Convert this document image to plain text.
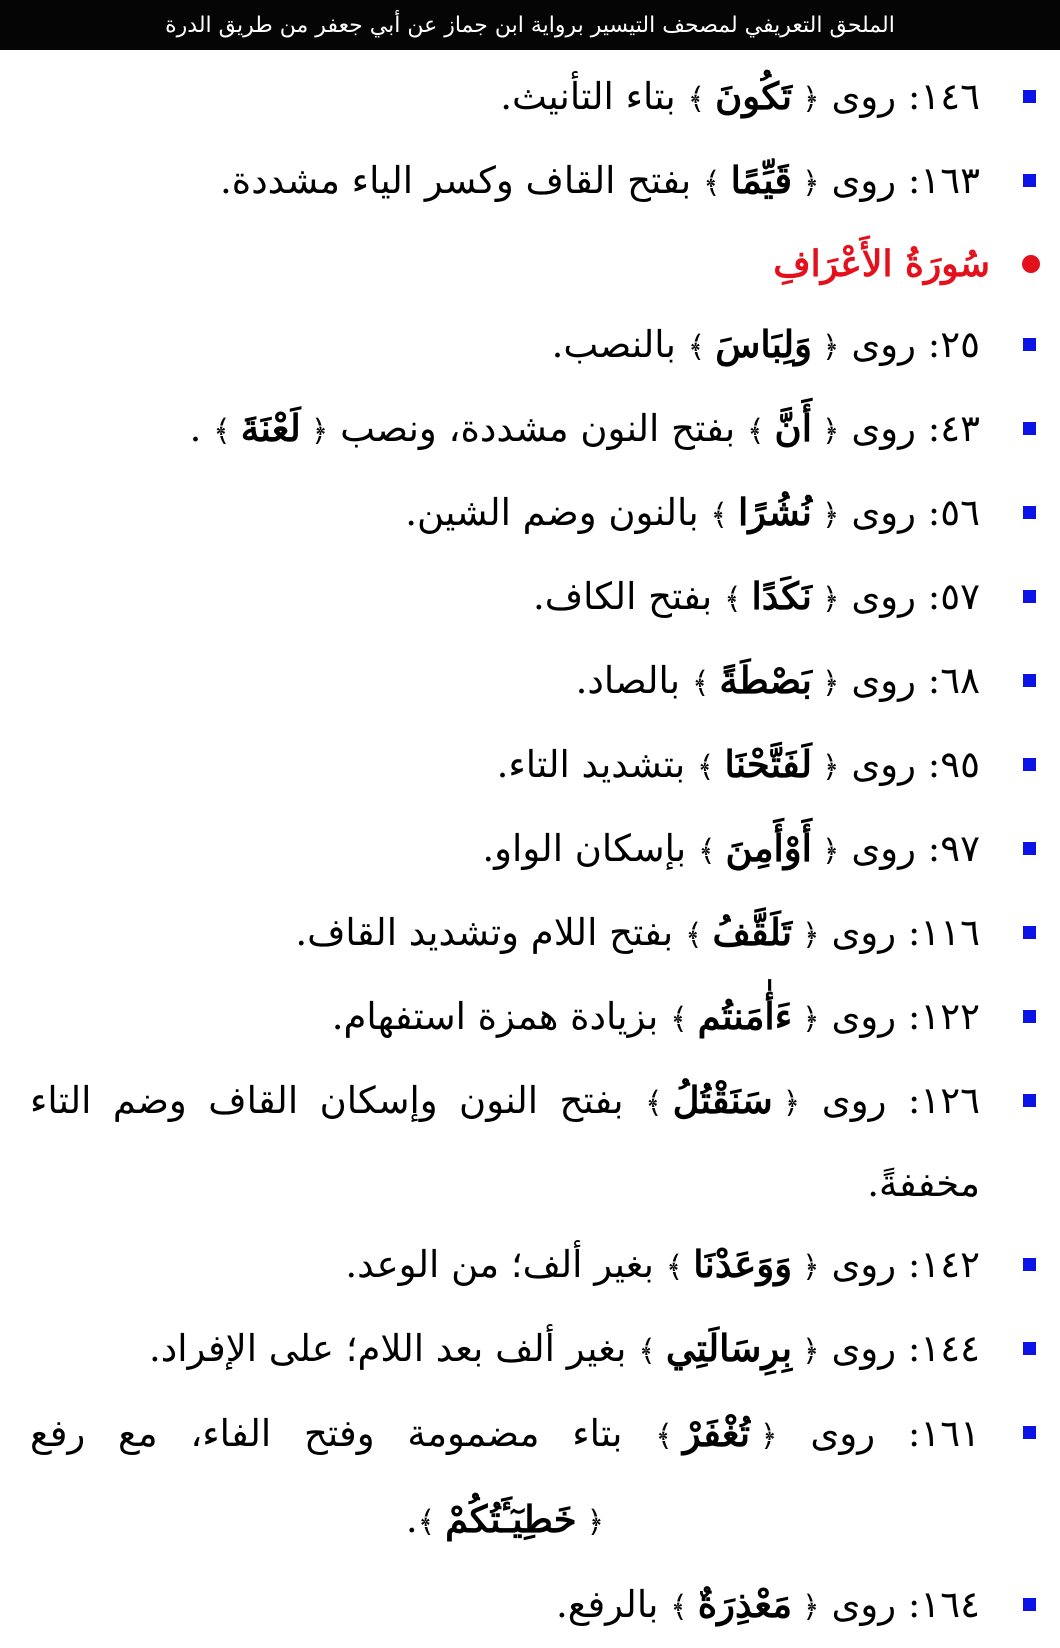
الملحق التعريفي لمصحف التيسير برواية ابن جماز عن أبي جعفر من طريق الدرة
١٤٦: روى ﴿تَكُونَ﴾ بتاء التأنيث.
١٦٣: روى ﴿قَيِّمًا﴾ بفتح القاف وكسر الياء مشددة.
سُورَةُ الأَعْرَافِ
٢٥: روى ﴿وَلِبَاسَ﴾ بالنصب.
٤٣: روى ﴿أَنَّ﴾ بفتح النون مشددة، ونصب ﴿لَعْنَةَ﴾ .
٥٦: روى ﴿نُشُرًا﴾ بالنون وضم الشين.
٥٧: روى ﴿نَكَدًا﴾ بفتح الكاف.
٦٨: روى ﴿بَصْطَةً﴾ بالصاد.
٩٥: روى ﴿لَفَتَّحْنَا﴾ بتشديد التاء.
٩٧: روى ﴿أَوْأَمِنَ﴾ بإسكان الواو.
١١٦: روى ﴿تَلَقَّفُ﴾ بفتح اللام وتشديد القاف.
١٢٢: روى ﴿ءَأٰمَنتُم﴾ بزيادة همزة استفهام.
١٢٦: روى ﴿سَنَقْتُلُ﴾ بفتح النون وإسكان القاف وضم التاء مخففةً.
١٤٢: روى ﴿وَوَعَدْنَا﴾ بغير ألف؛ من الوعد.
١٤٤: روى ﴿بِرِسَالَتِي﴾ بغير ألف بعد اللام؛ على الإفراد.
١٦١: روى ﴿تُغْفَرْ﴾ بتاء مضمومة وفتح الفاء، مع رفع ﴿خَطِيٓـَٔتُكُمْ﴾.
١٦٤: روى ﴿مَعْذِرَةٌ﴾ بالرفع.
